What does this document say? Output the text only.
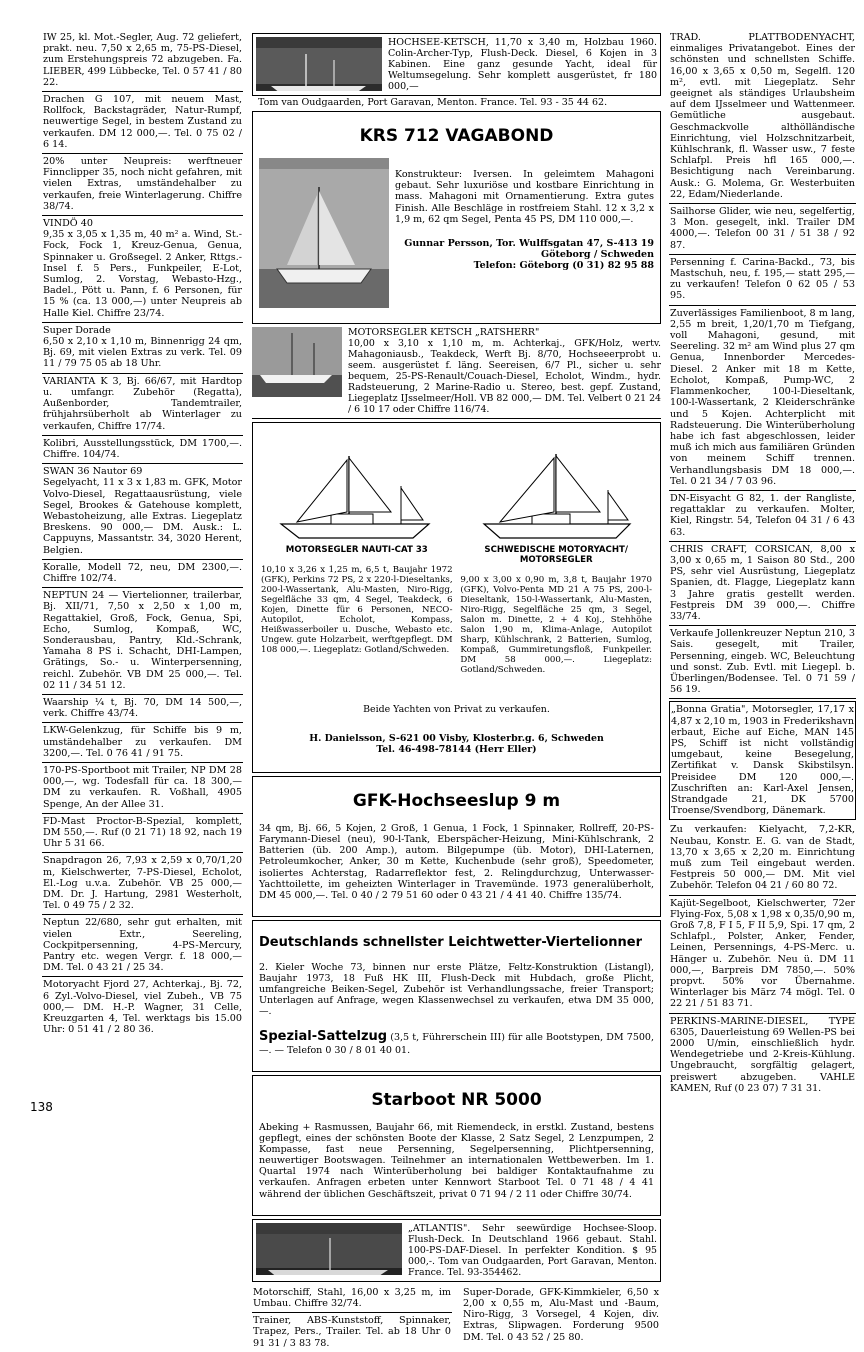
IW 25, kl. Mot.-Segler, Aug. 72 geliefert, prakt. neu. 7,50 x 2,65 m, 75-PS-Diesel, zum Erstehungspreis 72 abzugeben. Fa. LIEBER, 499 Lübbecke, Tel. 0 57 41 / 80 22.
Drachen G 107, mit neuem Mast, Rollfock, Backstagräder, Natur-Rumpf, neuwertige Segel, in bestem Zustand zu verkaufen. DM 12 000,—. Tel. 0 75 02 / 6 14.
20% unter Neupreis: werftneuer Finnclipper 35, noch nicht gefahren, mit vielen Extras, umständehalber zu verkaufen, freie Winterlagerung. Chiffre 38/74.
VINDÖ 40
9,35 x 3,05 x 1,35 m, 40 m² a. Wind, St.-Fock, Fock 1, Kreuz-Genua, Genua, Spinnaker u. Großsegel. 2 Anker, Rttgs.-Insel f. 5 Pers., Funkpeiler, E-Lot, Sumlog, 2. Vorstag, Webasto-Hzg., Badel., Pött u. Pann, f. 6 Personen, für 15 % (ca. 13 000,—) unter Neupreis ab Halle Kiel. Chiffre 23/74.
Super Dorade
6,50 x 2,10 x 1,10 m, Binnenrigg 24 qm, Bj. 69, mit vielen Extras zu verk. Tel. 09 11 / 79 75 05 ab 18 Uhr.
VARIANTA K 3, Bj. 66/67, mit Hardtop u. umfangr. Zubehör (Regatta), Außenborder, Tandemtrailer, frühjahrsüberholt ab Winterlager zu verkaufen, Chiffre 17/74.
Kolibri, Ausstellungsstück, DM 1700,—. Chiffre. 104/74.
SWAN 36 Nautor 69
Segelyacht, 11 x 3 x 1,83 m. GFK, Motor Volvo-Diesel, Regattaausrüstung, viele Segel, Brookes & Gatehouse komplett, Webastoheizung, alle Extras. Liegeplatz Breskens. 90 000,— DM. Ausk.: L. Cappuyns, Massantstr. 34, 3020 Herent, Belgien.
Koralle, Modell 72, neu, DM 2300,—. Chiffre 102/74.
NEPTUN 24 — Viertelionner, trailerbar, Bj. XII/71, 7,50 x 2,50 x 1,00 m, Regattakiel, Groß, Fock, Genua, Spi, Echo, Sumlog, Kompaß, WC, Sonderausbau, Pantry, Kld.-Schrank, Yamaha 8 PS i. Schacht, DHI-Lampen, Grätings, So.- u. Winterpersenning, reichl. Zubehör. VB DM 25 000,—. Tel. 02 11 / 34 51 12.
Waarship ¼ t, Bj. 70, DM 14 500,—, verk. Chiffre 43/74.
LKW-Gelenkzug, für Schiffe bis 9 m, umständehalber zu verkaufen. DM 3200,—. Tel. 0 76 41 / 91 75.
170-PS-Sportboot mit Trailer, NP DM 28 000,—, wg. Todesfall für ca. 18 300,— DM zu verkaufen. R. Voßhall, 4905 Spenge, An der Allee 31.
FD-Mast Proctor-B-Spezial, komplett, DM 550,—. Ruf (0 21 71) 18 92, nach 19 Uhr 5 31 66.
Snapdragon 26, 7,93 x 2,59 x 0,70/1,20 m, Kielschwerter, 7-PS-Diesel, Echolot, El.-Log u.v.a. Zubehör. VB 25 000,— DM. Dr. J. Hartung, 2981 Westerholt, Tel. 0 49 75 / 2 32.
Neptun 22/680, sehr gut erhalten, mit vielen Extr., Seereling, Cockpitpersenning, 4-PS-Mercury, Pantry etc. wegen Vergr. f. 18 000,— DM. Tel. 0 43 21 / 25 34.
Motoryacht Fjord 27, Achterkaj., Bj. 72, 6 Zyl.-Volvo-Diesel, viel Zubeh., VB 75 000,— DM. H.-P. Wagner, 31 Celle, Kreuzgarten 4, Tel. werktags bis 15.00 Uhr: 0 51 41 / 2 80 36.

HOCHSEE-KETSCH, 11,70 x 3,40 m, Holzbau 1960. Colin-Archer-Typ, Flush-Deck. Diesel, 6 Kojen in 3 Kabinen. Eine ganz gesunde Yacht, ideal für Weltumsegelung. Sehr komplett ausgerüstet, fr 180 000,—
Tom van Oudgaarden, Port Garavan, Menton. France. Tel. 93 - 35 44 62.

KRS 712 VAGABOND

Konstrukteur: Iversen. In geleimtem Mahagoni gebaut. Sehr luxuriöse und kostbare Einrichtung in mass. Mahagoni mit Ornamentierung. Extra gutes Finish. Alle Beschläge in rostfreiem Stahl. 12 x 3,2 x 1,9 m, 62 qm Segel, Penta 45 PS, DM 110 000,—.

Gunnar Persson, Tor. Wulffsgatan 47, S-413 19 Göteborg / Schweden
Telefon: Göteborg (0 31) 82 95 88

MOTORSEGLER KETSCH „RATSHERR"
10,00 x 3,10 x 1,10 m, m. Achterkaj., GFK/Holz, wertv. Mahagoniausb., Teakdeck, Werft Bj. 8/70, Hochseeerprobt u. seem. ausgerüstet f. läng. Seereisen, 6/7 Pl., sicher u. sehr bequem, 25-PS-Renault/Couach-Diesel, Echolot, Windm., hydr. Radsteuerung, 2 Marine-Radio u. Stereo, best. gepf. Zustand, Liegeplatz IJsselmeer/Holl. VB 82 000,— DM. Tel. Velbert 0 21 24 / 6 10 17 oder Chiffre 116/74.

MOTORSEGLER NAUTI-CAT 33

10,10 x 3,26 x 1,25 m, 6,5 t, Baujahr 1972 (GFK), Perkins 72 PS, 2 x 220-l-Dieseltanks, 200-l-Wassertank, Alu-Masten, Niro-Rigg, Segelfläche 33 qm, 4 Segel, Teakdeck, 6 Kojen, Dinette für 6 Personen, NECO-Autopilot, Echolot, Kompass, Heißwasserboiler u. Dusche, Webasto etc. Ungew. gute Holzarbeit, werftgepflegt. DM 108 000,—. Liegeplatz: Gotland/Schweden.

SCHWEDISCHE MOTORYACHT/ MOTORSEGLER

9,00 x 3,00 x 0,90 m, 3,8 t, Baujahr 1970 (GFK), Volvo-Penta MD 21 A 75 PS, 200-l-Dieseltank, 150-l-Wassertank, Alu-Masten, Niro-Rigg, Segelfläche 25 qm, 3 Segel, Salon m. Dinette, 2 + 4 Koj., Stehhöhe Salon 1,90 m, Klima-Anlage, Autopilot Sharp, Kühlschrank, 2 Batterien, Sumlog, Kompaß, Gummiretungsfloß, Funkpeiler. DM 58 000,—. Liegeplatz: Gotland/Schweden.

Beide Yachten von Privat zu verkaufen.

H. Danielsson, S-621 00 Visby, Klosterbr.g. 6, Schweden
Tel. 46-498-78144 (Herr Eller)

GFK-Hochseeslup 9 m

34 qm, Bj. 66, 5 Kojen, 2 Groß, 1 Genua, 1 Fock, 1 Spinnaker, Rollreff, 20-PS-Farymann-Diesel (neu), 90-l-Tank, Eberspächer-Heizung, Mini-Kühlschrank, 2 Batterien (üb. 200 Amp.), autom. Bilgepumpe (üb. Motor), DHI-Laternen, Petroleumkocher, Anker, 30 m Kette, Kuchenbude (sehr groß), Speedometer, isoliertes Achterstag, Radarreflektor fest, 2. Relingdurchzug, Unterwasser-Yachttoilette, im geheizten Winterlager in Travemünde. 1973 generalüberholt, DM 45 000,—. Tel. 0 40 / 2 79 51 60 oder 0 43 21 / 4 41 40. Chiffre 135/74.

Deutschlands schnellster Leichtwetter-Viertelionner

2. Kieler Woche 73, binnen nur erste Plätze, Feltz-Konstruktion (Listangl), Baujahr 1973, 18 Fuß HK III, Flush-Deck mit Hubdach, große Plicht, umfangreiche Beiken-Segel, Zubehör ist Verhandlungssache, freier Transport; Unterlagen auf Anfrage, wegen Klassenwechsel zu verkaufen, etwa DM 35 000,—.

Spezial-Sattelzug (3,5 t, Führerschein III) für alle Bootstypen, DM 7500,—. — Telefon 0 30 / 8 01 40 01.

Starboot NR 5000

Abeking + Rasmussen, Baujahr 66, mit Riemendeck, in erstkl. Zustand, bestens gepflegt, eines der schönsten Boote der Klasse, 2 Satz Segel, 2 Lenzpumpen, 2 Kompasse, fast neue Persenning, Segelpersenning, Plichtpersenning, neuwertiger Bootswagen. Teilnehmer an internationalen Wettbewerben. Im 1. Quartal 1974 nach Winterüberholung bei baldiger Kontaktaufnahme zu verkaufen. Anfragen erbeten unter Kennwort Starboot Tel. 0 71 48 / 4 41 während der üblichen Geschäftszeit, privat 0 71 94 / 2 11 oder Chiffre 30/74.

„ATLANTIS". Sehr seewürdige Hochsee-Sloop. Flush-Deck. In Deutschland 1966 gebaut. Stahl. 100-PS-DAF-Diesel. In perfekter Kondition. $ 95 000,-. Tom van Oudgaarden, Port Garavan, Menton. France. Tel. 93-354462.
Motorschiff, Stahl, 16,00 x 3,25 m, im Umbau. Chiffre 32/74.
Trainer, ABS-Kunststoff, Spinnaker, Trapez, Pers., Trailer. Tel. ab 18 Uhr 0 91 31 / 3 83 78.
Super-Dorade, GFK-Kimmkieler, 6,50 x 2,00 x 0,55 m, Alu-Mast und -Baum, Niro-Rigg, 3 Vorsegel, 4 Kojen, div. Extras, Slipwagen. Forderung 9500 DM. Tel. 0 43 52 / 25 80.
TRAD. PLATTBODENYACHT, einmaliges Privatangebot. Eines der schönsten und schnellsten Schiffe. 16,00 x 3,65 x 0,50 m, Segelfl. 120 m², evtl. mit Liegeplatz. Sehr geeignet als ständiges Urlaubsheim auf dem IJsselmeer und Wattenmeer. Gemütliche ausgebaut. Geschmackvolle althölländische Einrichtung, viel Holzschnitzarbeit, Kühlschrank, fl. Wasser usw., 7 feste Schlafpl. Preis hfl 165 000,—. Besichtigung nach Vereinbarung. Ausk.: G. Molema, Gr. Westerbuiten 22, Edam/Niederlande.
Sailhorse Glider, wie neu, segelfertig, 3 Mon. gesegelt, inkl. Trailer DM 4000,—. Telefon 00 31 / 51 38 / 92 87.
Persenning f. Carina-Backd., 73, bis Mastschuh, neu, f. 195,— statt 295,— zu verkaufen! Telefon 0 62 05 / 53 95.
Zuverlässiges Familienboot, 8 m lang, 2,55 m breit, 1,20/1,70 m Tiefgang, voll Mahagoni, gesund, mit Seereling. 32 m² am Wind plus 27 qm Genua, Innenborder Mercedes-Diesel. 2 Anker mit 18 m Kette, Echolot, Kompaß, Pump-WC, 2 Flammenkocher, 100-l-Dieseltank, 100-l-Wassertank, 2 Kleiderschränke und 5 Kojen. Achterplicht mit Radsteuerung. Die Winterüberholung habe ich fast abgeschlossen, leider muß ich mich aus familiären Gründen von meinem Schiff trennen. Verhandlungsbasis DM 18 000,—. Tel. 0 21 34 / 7 03 96.
DN-Eisyacht G 82, 1. der Rangliste, regattaklar zu verkaufen. Molter, Kiel, Ringstr. 54, Telefon 04 31 / 6 43 63.
CHRIS CRAFT, CORSICAN, 8,00 x 3,00 x 0,65 m, 1 Saison 80 Std., 200 PS, sehr viel Ausrüstung, Liegeplatz Spanien, dt. Flagge, Liegeplatz kann 3 Jahre gratis gestellt werden. Festpreis DM 39 000,—. Chiffre 33/74.
Verkaufe Jollenkreuzer Neptun 210, 3 Sais. gesegelt, mit Trailer, Persenning, eingeb. WC, Beleuchtung und sonst. Zub. Evtl. mit Liegepl. b. Überlingen/Bodensee. Tel. 0 71 59 / 56 19.
„Bonna Gratia", Motorsegler, 17,17 x 4,87 x 2,10 m, 1903 in Frederikshavn erbaut, Eiche auf Eiche, MAN 145 PS, Schiff ist nicht vollständig umgebaut, keine Besegelung, Zertifikat v. Dansk Skibstilsyn. Preisidee DM 120 000,—. Zuschriften an: Karl-Axel Jensen, Strandgade 21, DK 5700 Troense/Svendborg, Dänemark.
Zu verkaufen: Kielyacht, 7,2-KR, Neubau, Konstr. E. G. van de Stadt, 13,70 x 3,65 x 2,20 m. Einrichtung muß zum Teil eingebaut werden. Festpreis 50 000,— DM. Mit viel Zubehör. Telefon 04 21 / 60 80 72.
Kajüt-Segelboot, Kielschwerter, 72er Flying-Fox, 5,08 x 1,98 x 0,35/0,90 m, Groß 7,8, F I 5, F II 5,9, Spi. 17 qm, 2 Schlafpl., Polster, Anker, Fender, Leinen, Persennings, 4-PS-Merc. u. Hänger u. Zubehör. Neu ü. DM 11 000,—, Barpreis DM 7850,—. 50% propvt. 50% vor Übernahme. Winterlager bis März 74 mögl. Tel. 0 22 21 / 51 83 71.
PERKINS-MARINE-DIESEL, TYPE 6305, Dauerleistung 69 Wellen-PS bei 2000 U/min, einschließlich hydr. Wendegetriebe und 2-Kreis-Kühlung. Ungebraucht, sorgfältig gelagert, preiswert abzugeben. VAHLE KAMEN, Ruf (0 23 07) 7 31 31.
138
